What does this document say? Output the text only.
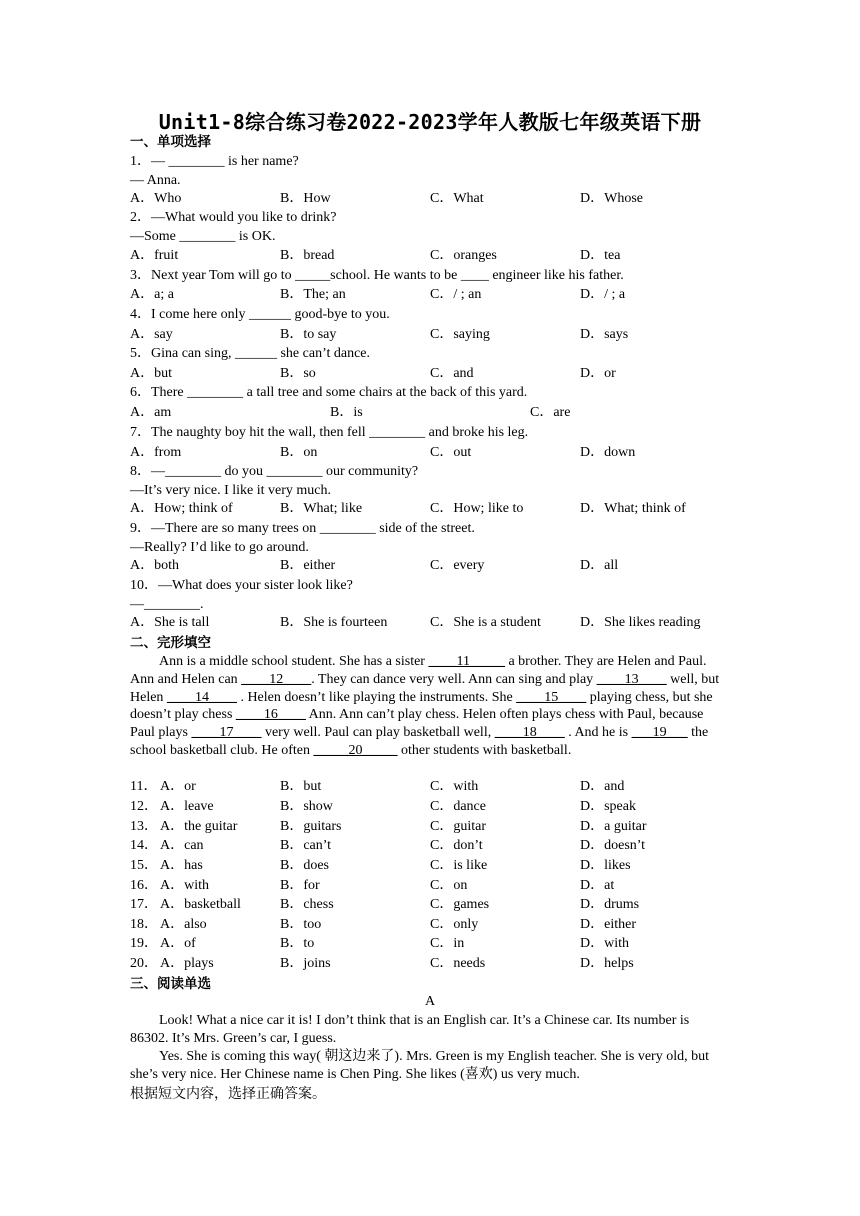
Unit1-8综合练习卷2022-2023学年人教版七年级英语下册
一、单项选择
1．— ________ is her name?
— Anna.
A．Who	B．How	C．What	D．Whose
2．—What would you like to drink?
—Some ________ is OK.
A．fruit	B．bread	C．oranges	D．tea
3．Next year Tom will go to _____school. He wants to be ____ engineer like his father.
A．a; a	B．The; an	C．/ ; an	D．/ ; a
4．I come here only ______ good-bye to you.
A．say	B．to say	C．saying	D．says
5．Gina can sing, ______ she can’t dance.
A．but	B．so	C．and	D．or
6．There ________ a tall tree and some chairs at the back of this yard.
A．am	B．is	C．are
7．The naughty boy hit the wall, then fell ________ and broke his leg.
A．from	B．on	C．out	D．down
8．—________ do you ________ our community?
—It’s very nice. I like it very much.
A．How; think of	B．What; like	C．How; like to	D．What; think of
9．—There are so many trees on ________ side of the street.
—Really? I’d like to go around.
A．both	B．either	C．every	D．all
10．—What does your sister look like?
—________.
A．She is tall	B．She is fourteen	C．She is a student	D．She likes reading
二、完形填空
Ann is a middle school student. She has a sister ____11_____ a brother. They are Helen and Paul. Ann and Helen can ____12____. They can dance very well. Ann can sing and play ____13____ well, but Helen ____14____ . Helen doesn’t like playing the instruments. She ____15____ playing chess, but she doesn’t play chess ____16____ Ann. Ann can’t play chess. Helen often plays chess with Paul, because Paul plays ____17____ very well. Paul can play basketball well, ____18____ . And he is ___19___ the school basketball club. He often _____20_____ other students with basketball.
11． A．or	B．but	C．with	D．and
12． A．leave	B．show	C．dance	D．speak
13． A．the guitar	B．guitars	C．guitar	D．a guitar
14． A．can	B．can’t	C．don’t	D．doesn’t
15． A．has	B．does	C．is like	D．likes
16． A．with	B．for	C．on	D．at
17． A．basketball	B．chess	C．games	D．drums
18． A．also	B．too	C．only	D．either
19． A．of	B．to	C．in	D．with
20． A．plays	B．joins	C．needs	D．helps
三、阅读单选
A
Look! What a nice car it is! I don’t think that is an English car. It’s a Chinese car. Its number is 86302. It’s Mrs. Green’s car, I guess.
Yes. She is coming this way( 朝这边来了). Mrs. Green is my English teacher. She is very old, but she’s very nice. Her Chinese name is Chen Ping. She likes (喜欢) us very much.
根据短文内容，选择正确答案。
